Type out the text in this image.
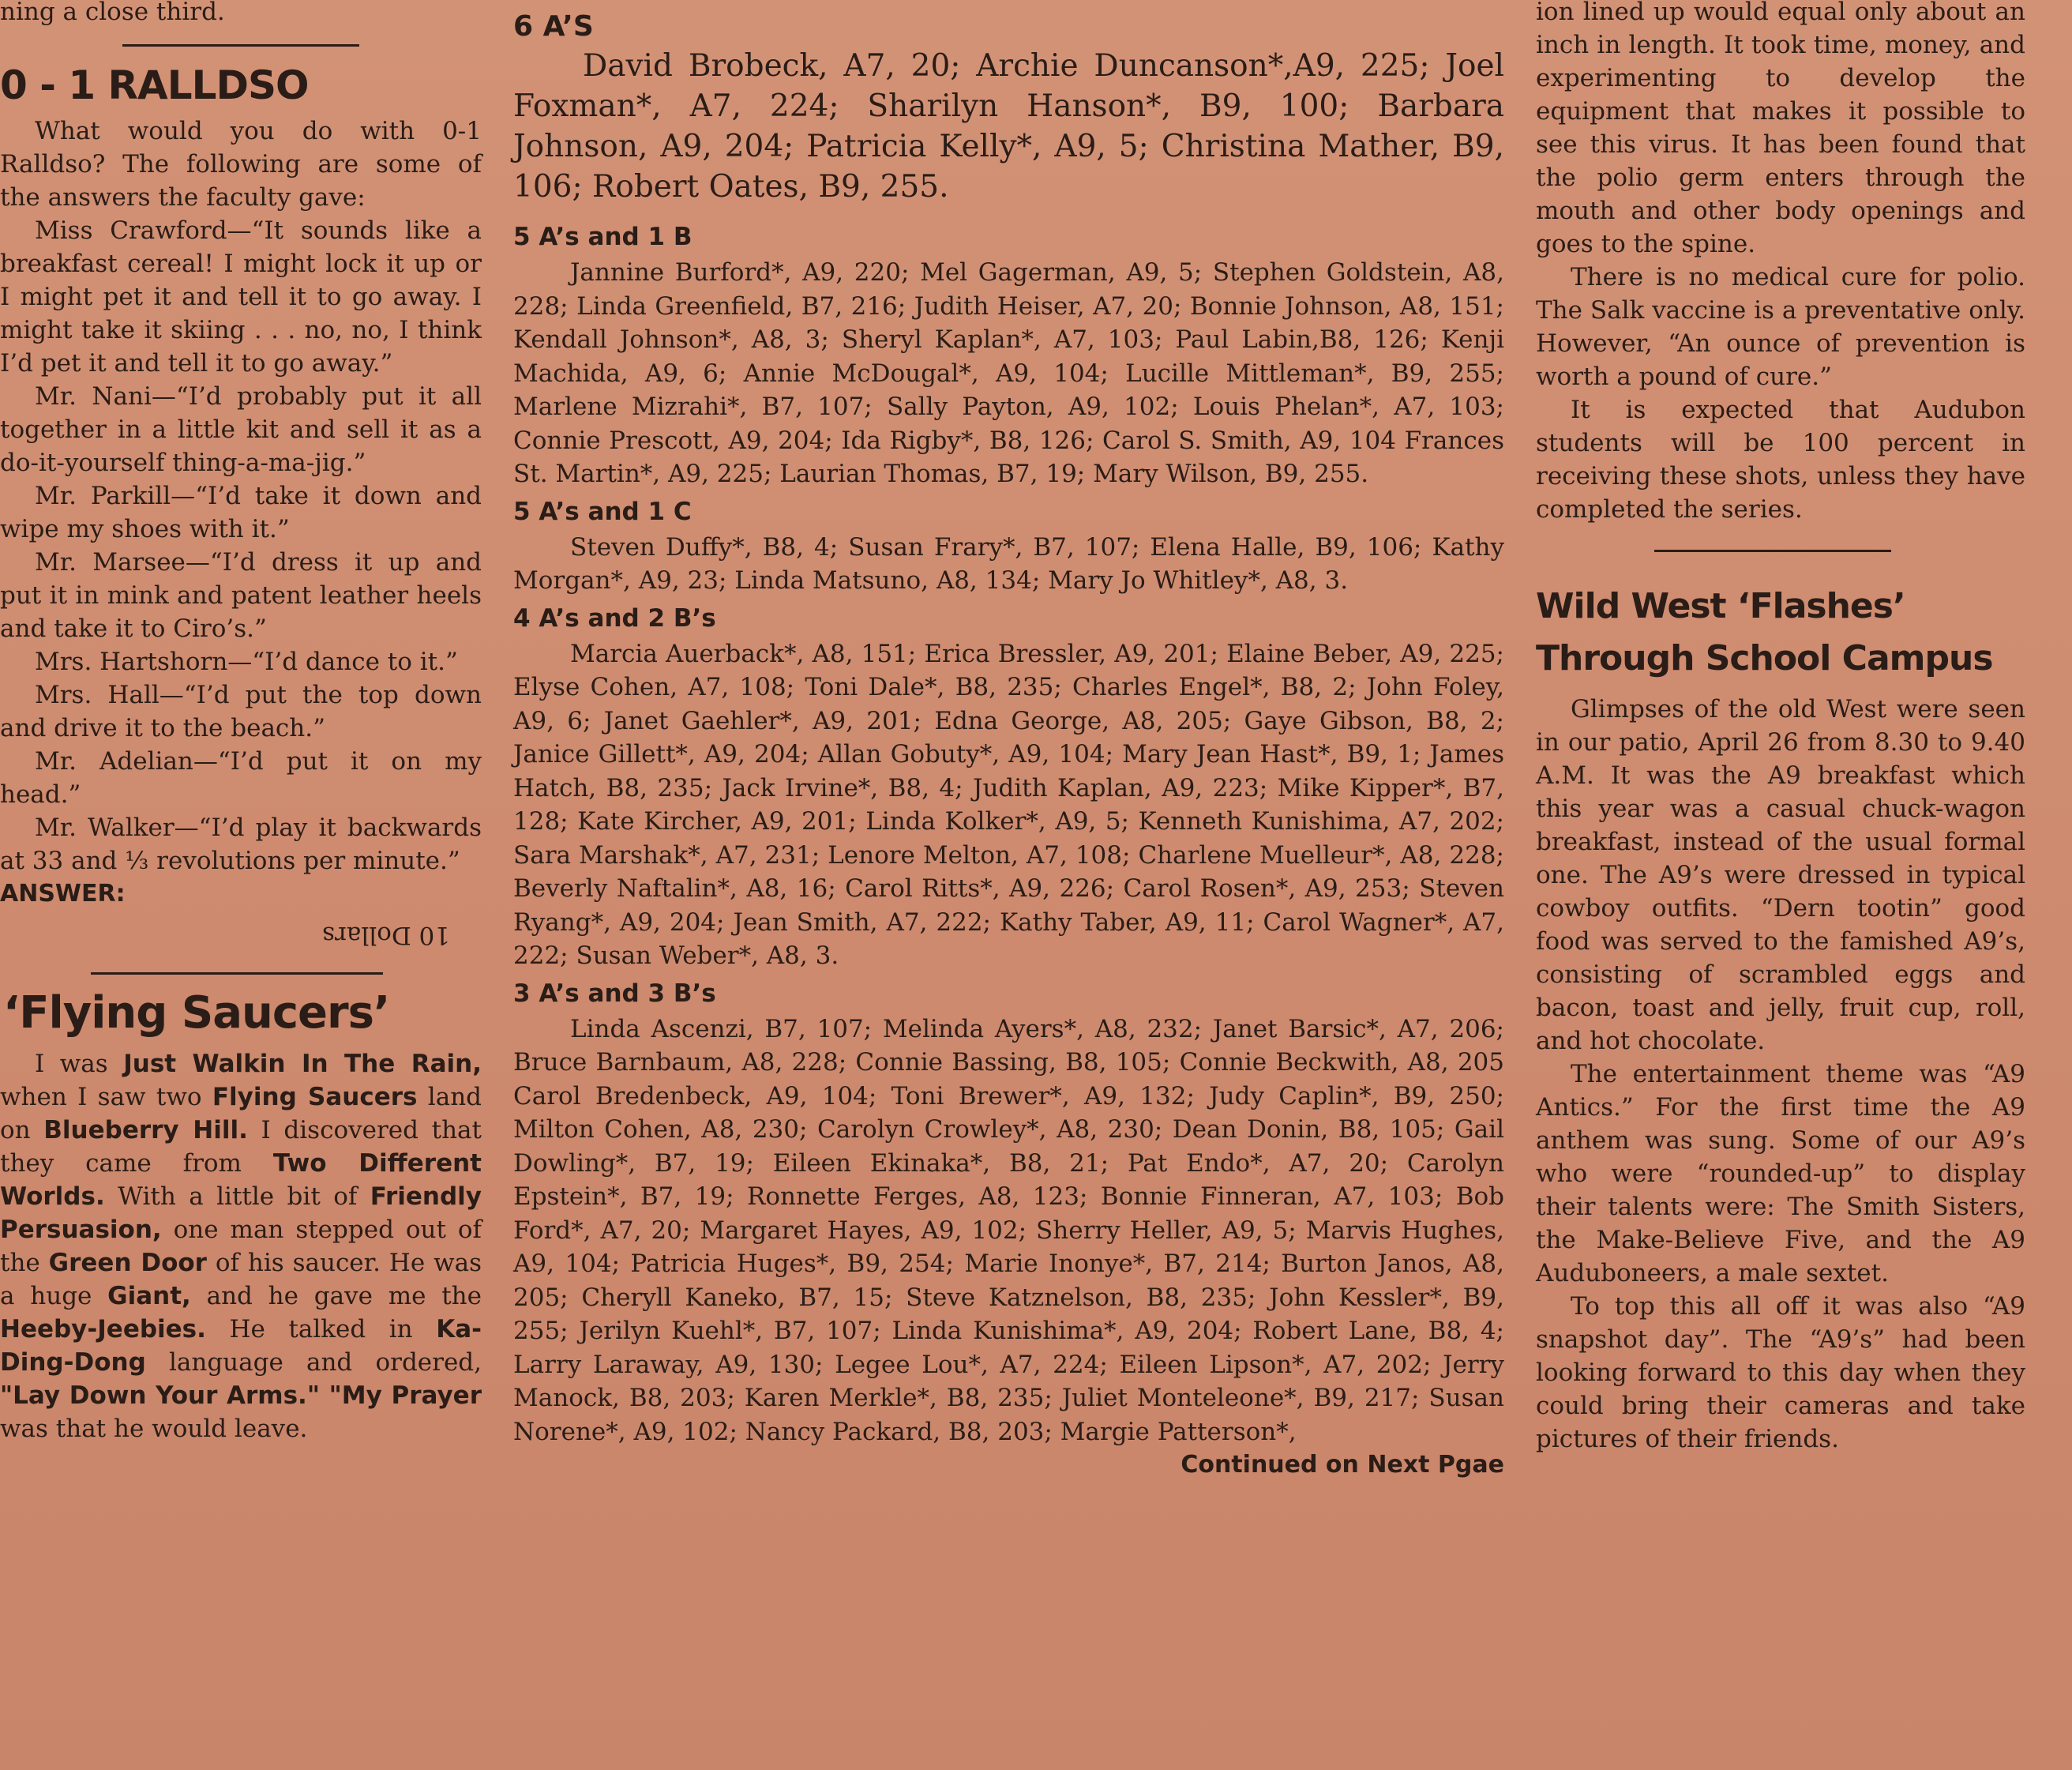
ning a close third.

0 - 1 RALLDSO

What would you do with 0-1 Ralldso? The following are some of the answers the faculty gave:

Miss Crawford—“It sounds like a breakfast cereal! I might lock it up or I might pet it and tell it to go away. I might take it skiing . . . no, no, I think I’d pet it and tell it to go away.”

Mr. Nani—“I’d probably put it all together in a little kit and sell it as a do-it-yourself thing-a-ma-jig.”

Mr. Parkill—“I’d take it down and wipe my shoes with it.”

Mr. Marsee—“I’d dress it up and put it in mink and patent leather heels and take it to Ciro’s.”

Mrs. Hartshorn—“I’d dance to it.”

Mrs. Hall—“I’d put the top down and drive it to the beach.”

Mr. Adelian—“I’d put it on my head.”

Mr. Walker—“I’d play it backwards at 33 and ⅓ revolutions per minute.”

ANSWER:
10 Dollars
‘Flying Saucers’

I was Just Walkin In The Rain, when I saw two Flying Saucers land on Blueberry Hill. I discovered that they came from Two Different Worlds. With a little bit of Friendly Persuasion, one man stepped out of the Green Door of his saucer. He was a huge Giant, and he gave me the Heeby-Jeebies. He talked in Ka-Ding-Dong language and ordered, "Lay Down Your Arms." "My Prayer was that he would leave.

6 A’S

David Brobeck, A7, 20; Archie Duncanson*,A9, 225; Joel Foxman*, A7, 224; Sharilyn Hanson*, B9, 100; Barbara Johnson, A9, 204; Patricia Kelly*, A9, 5; Christina Mather, B9, 106; Robert Oates, B9, 255.

5 A’s and 1 B

Jannine Burford*, A9, 220; Mel Gagerman, A9, 5; Stephen Goldstein, A8, 228; Linda Greenfield, B7, 216; Judith Heiser, A7, 20; Bonnie Johnson, A8, 151; Kendall Johnson*, A8, 3; Sheryl Kaplan*, A7, 103; Paul Labin,B8, 126; Kenji Machida, A9, 6; Annie McDougal*, A9, 104; Lucille Mittleman*, B9, 255; Marlene Mizrahi*, B7, 107; Sally Payton, A9, 102; Louis Phelan*, A7, 103; Connie Prescott, A9, 204; Ida Rigby*, B8, 126; Carol S. Smith, A9, 104 Frances St. Martin*, A9, 225; Laurian Thomas, B7, 19; Mary Wilson, B9, 255.

5 A’s and 1 C

Steven Duffy*, B8, 4; Susan Frary*, B7, 107; Elena Halle, B9, 106; Kathy Morgan*, A9, 23; Linda Matsuno, A8, 134; Mary Jo Whitley*, A8, 3.

4 A’s and 2 B’s

Marcia Auerback*, A8, 151; Erica Bressler, A9, 201; Elaine Beber, A9, 225; Elyse Cohen, A7, 108; Toni Dale*, B8, 235; Charles Engel*, B8, 2; John Foley, A9, 6; Janet Gaehler*, A9, 201; Edna George, A8, 205; Gaye Gibson, B8, 2; Janice Gillett*, A9, 204; Allan Gobuty*, A9, 104; Mary Jean Hast*, B9, 1; James Hatch, B8, 235; Jack Irvine*, B8, 4; Judith Kaplan, A9, 223; Mike Kipper*, B7, 128; Kate Kircher, A9, 201; Linda Kolker*, A9, 5; Kenneth Kunishima, A7, 202; Sara Marshak*, A7, 231; Lenore Melton, A7, 108; Charlene Muelleur*, A8, 228; Beverly Naftalin*, A8, 16; Carol Ritts*, A9, 226; Carol Rosen*, A9, 253; Steven Ryang*, A9, 204; Jean Smith, A7, 222; Kathy Taber, A9, 11; Carol Wagner*, A7, 222; Susan Weber*, A8, 3.

3 A’s and 3 B’s

Linda Ascenzi, B7, 107; Melinda Ayers*, A8, 232; Janet Barsic*, A7, 206; Bruce Barnbaum, A8, 228; Connie Bassing, B8, 105; Connie Beckwith, A8, 205 Carol Bredenbeck, A9, 104; Toni Brewer*, A9, 132; Judy Caplin*, B9, 250; Milton Cohen, A8, 230; Carolyn Crowley*, A8, 230; Dean Donin, B8, 105; Gail Dowling*, B7, 19; Eileen Ekinaka*, B8, 21; Pat Endo*, A7, 20; Carolyn Epstein*, B7, 19; Ronnette Ferges, A8, 123; Bonnie Finneran, A7, 103; Bob Ford*, A7, 20; Margaret Hayes, A9, 102; Sherry Heller, A9, 5; Marvis Hughes, A9, 104; Patricia Huges*, B9, 254; Marie Inonye*, B7, 214; Burton Janos, A8, 205; Cheryll Kaneko, B7, 15; Steve Katznelson, B8, 235; John Kessler*, B9, 255; Jerilyn Kuehl*, B7, 107; Linda Kunishima*, A9, 204; Robert Lane, B8, 4; Larry Laraway, A9, 130; Legee Lou*, A7, 224; Eileen Lipson*, A7, 202; Jerry Manock, B8, 203; Karen Merkle*, B8, 235; Juliet Monteleone*, B9, 217; Susan Norene*, A9, 102; Nancy Packard, B8, 203; Margie Patterson*,

Continued on Next Pgae

ion lined up would equal only about an inch in length. It took time, money, and experimenting to develop the equipment that makes it possible to see this virus. It has been found that the polio germ enters through the mouth and other body openings and goes to the spine.

There is no medical cure for polio. The Salk vaccine is a preventative only. However, “An ounce of prevention is worth a pound of cure.”

It is expected that Audubon students will be 100 percent in receiving these shots, unless they have completed the series.

Wild West ‘Flashes’ Through School Campus

Glimpses of the old West were seen in our patio, April 26 from 8.30 to 9.40 A.M. It was the A9 breakfast which this year was a casual chuck-wagon breakfast, instead of the usual formal one. The A9’s were dressed in typical cowboy outfits. “Dern tootin” good food was served to the famished A9’s, consisting of scrambled eggs and bacon, toast and jelly, fruit cup, roll, and hot chocolate.

The entertainment theme was “A9 Antics.” For the first time the A9 anthem was sung. Some of our A9’s who were “rounded-up” to display their talents were: The Smith Sisters, the Make-Believe Five, and the A9 Auduboneers, a male sextet.

To top this all off it was also “A9 snapshot day”. The “A9’s” had been looking forward to this day when they could bring their cameras and take pictures of their friends.
